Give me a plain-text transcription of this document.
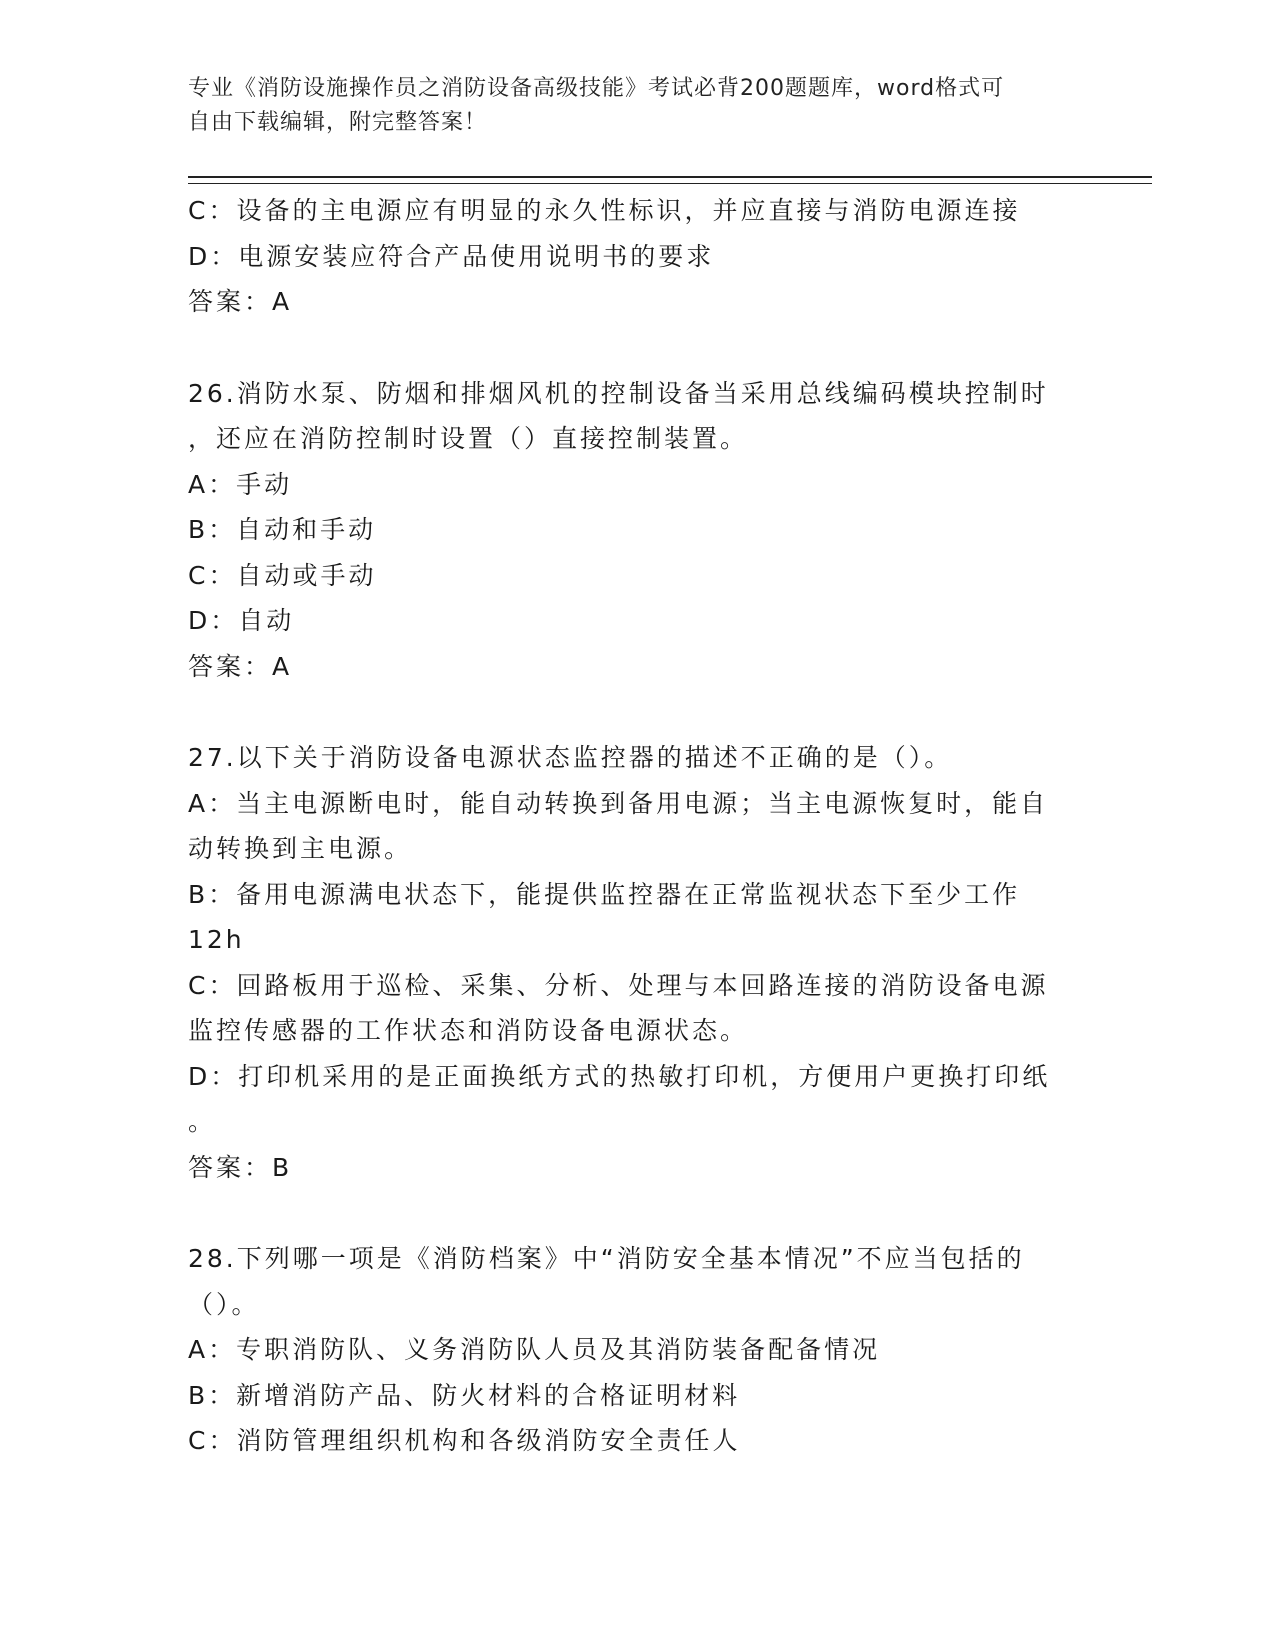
专业《消防设施操作员之消防设备高级技能》考试必背200题题库，word格式可
自由下载编辑，附完整答案！
C：设备的主电源应有明显的永久性标识，并应直接与消防电源连接
D：电源安装应符合产品使用说明书的要求
答案：A
26.消防水泵、防烟和排烟风机的控制设备当采用总线编码模块控制时
，还应在消防控制时设置（）直接控制装置。
A：手动
B：自动和手动
C：自动或手动
D：自动
答案：A
27.以下关于消防设备电源状态监控器的描述不正确的是（）。
A：当主电源断电时，能自动转换到备用电源；当主电源恢复时，能自
动转换到主电源。
B：备用电源满电状态下，能提供监控器在正常监视状态下至少工作
12h
C：回路板用于巡检、采集、分析、处理与本回路连接的消防设备电源
监控传感器的工作状态和消防设备电源状态。
D：打印机采用的是正面换纸方式的热敏打印机，方便用户更换打印纸
。
答案：B
28.下列哪一项是《消防档案》中“消防安全基本情况”不应当包括的
（）。
A：专职消防队、义务消防队人员及其消防装备配备情况
B：新增消防产品、防火材料的合格证明材料
C：消防管理组织机构和各级消防安全责任人
